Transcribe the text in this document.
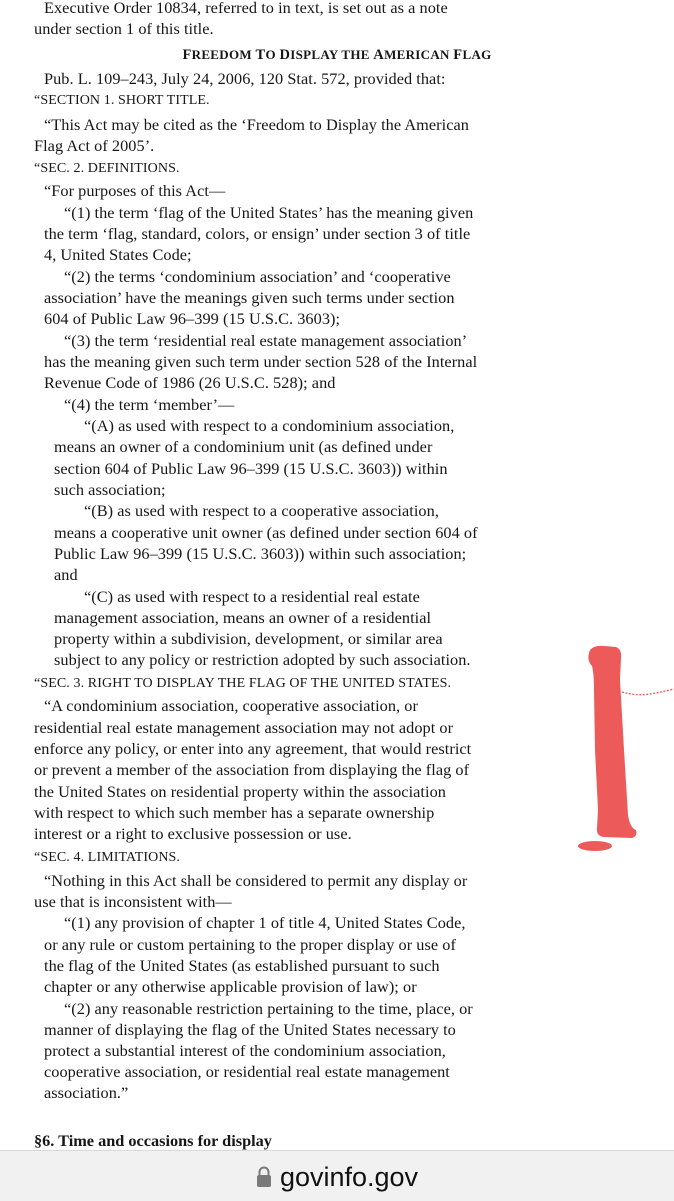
Executive Order 10834, referred to in text, is set out as a note

under section 1 of this title.

FREEDOM TO DISPLAY THE AMERICAN FLAG

Pub. L. 109–243, July 24, 2006, 120 Stat. 572, provided that:

“SECTION 1. SHORT TITLE.

“This Act may be cited as the ‘Freedom to Display the American

Flag Act of 2005’.

“SEC. 2. DEFINITIONS.

“For purposes of this Act—

“(1) the term ‘flag of the United States’ has the meaning given

the term ‘flag, standard, colors, or ensign’ under section 3 of title

4, United States Code;

“(2) the terms ‘condominium association’ and ‘cooperative

association’ have the meanings given such terms under section

604 of Public Law 96–399 (15 U.S.C. 3603);

“(3) the term ‘residential real estate management association’

has the meaning given such term under section 528 of the Internal

Revenue Code of 1986 (26 U.S.C. 528); and

“(4) the term ‘member’—

“(A) as used with respect to a condominium association,

means an owner of a condominium unit (as defined under

section 604 of Public Law 96–399 (15 U.S.C. 3603)) within

such association;

“(B) as used with respect to a cooperative association,

means a cooperative unit owner (as defined under section 604 of

Public Law 96–399 (15 U.S.C. 3603)) within such association;

and

“(C) as used with respect to a residential real estate

management association, means an owner of a residential

property within a subdivision, development, or similar area

subject to any policy or restriction adopted by such association.

“SEC. 3. RIGHT TO DISPLAY THE FLAG OF THE UNITED STATES.

“A condominium association, cooperative association, or

residential real estate management association may not adopt or

enforce any policy, or enter into any agreement, that would restrict

or prevent a member of the association from displaying the flag of

the United States on residential property within the association

with respect to which such member has a separate ownership

interest or a right to exclusive possession or use.

“SEC. 4. LIMITATIONS.

“Nothing in this Act shall be considered to permit any display or

use that is inconsistent with—

“(1) any provision of chapter 1 of title 4, United States Code,

or any rule or custom pertaining to the proper display or use of

the flag of the United States (as established pursuant to such

chapter or any otherwise applicable provision of law); or

“(2) any reasonable restriction pertaining to the time, place, or

manner of displaying the flag of the United States necessary to

protect a substantial interest of the condominium association,

cooperative association, or residential real estate management

association.”

§6. Time and occasions for display

govinfo.gov
